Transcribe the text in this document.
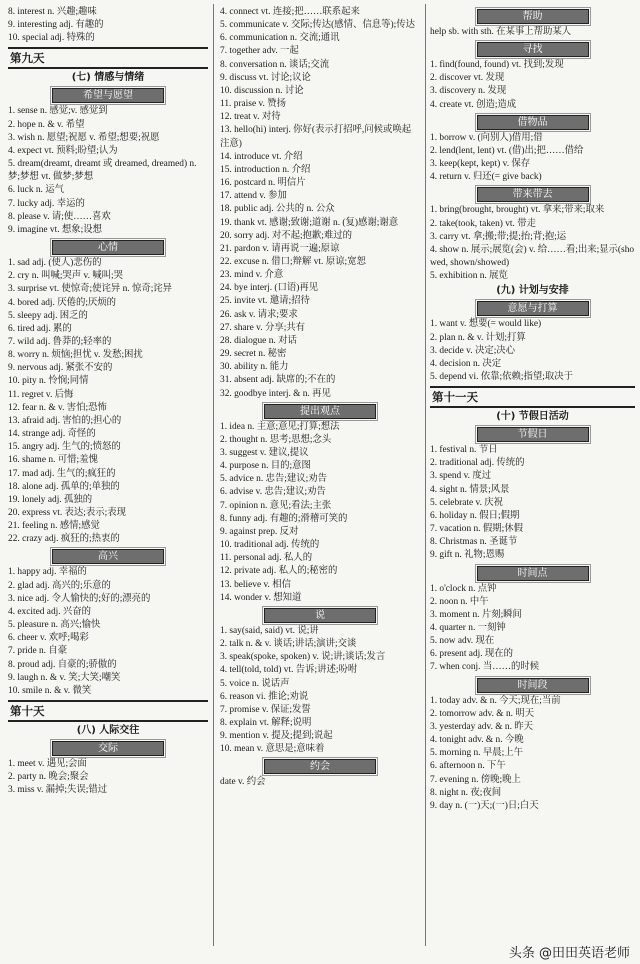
8. interest n. 兴趣;趣味
9. interesting adj. 有趣的
10. special adj. 特殊的
第九天
(七) 情感与情绪
希望与愿望
1. sense n. 感觉;v. 感觉到
2. hope n. & v. 希望
3. wish n. 愿望;祝愿 v. 希望;想要;祝愿
4. expect vt. 预料;盼望;认为
5. dream(dreamt, dreamt 或 dreamed, dreamed) n. 梦;梦想 vt. 做梦;梦想
6. luck n. 运气
7. lucky adj. 幸运的
8. please v. 请;使……喜欢
9. imagine vt. 想象;设想
心情
1. sad adj. (使人)悲伤的
2. cry n. 叫喊;哭声 v. 喊叫;哭
3. surprise vt. 使惊奇;使诧异 n. 惊奇;诧异
4. bored adj. 厌倦的;厌烦的
5. sleepy adj. 困乏的
6. tired adj. 累的
7. wild adj. 鲁莽的;轻率的
8. worry n. 烦恼;担忧 v. 发愁;困扰
9. nervous adj. 紧张不安的
10. pity n. 怜悯;同情
11. regret v. 后悔
12. fear n. & v. 害怕;恐怖
13. afraid adj. 害怕的;担心的
14. strange adj. 奇怪的
15. angry adj. 生气的;愤怒的
16. shame n. 可惜;羞愧
17. mad adj. 生气的;疯狂的
18. alone adj. 孤单的;单独的
19. lonely adj. 孤独的
20. express vt. 表达;表示;表现
21. feeling n. 感情;感觉
22. crazy adj. 疯狂的;热衷的
高兴
1. happy adj. 幸福的
2. glad adj. 高兴的;乐意的
3. nice adj. 令人愉快的;好的;漂亮的
4. excited adj. 兴奋的
5. pleasure n. 高兴;愉快
6. cheer v. 欢呼;喝彩
7. pride n. 自豪
8. proud adj. 自豪的;骄傲的
9. laugh n. & v. 笑;大笑;嘲笑
10. smile n. & v. 微笑
第十天
(八) 人际交往
交际
1. meet v. 遇见;会面
2. party n. 晚会;聚会
3. miss v. 漏掉;失误;错过
4. connect vt. 连接;把……联系起来
5. communicate v. 交际;传达(感情、信息等);传达
6. communication n. 交流;通讯
7. together adv. 一起
8. conversation n. 谈话;交流
9. discuss vt. 讨论;议论
10. discussion n. 讨论
11. praise v. 赞扬
12. treat v. 对待
13. hello(hi) interj. 你好(表示打招呼,问候或唤起注意)
14. introduce vt. 介绍
15. introduction n. 介绍
16. postcard n. 明信片
17. attend v. 参加
18. public adj. 公共的 n. 公众
19. thank vt. 感谢;致谢;道谢 n. (复)感谢;谢意
20. sorry adj. 对不起;抱歉;难过的
21. pardon v. 请再说一遍;原谅
22. excuse n. 借口;辩解 vt. 原谅;宽恕
23. mind v. 介意
24. bye interj. (口语)再见
25. invite vt. 邀请;招待
26. ask v. 请求;要求
27. share v. 分享;共有
28. dialogue n. 对话
29. secret n. 秘密
30. ability n. 能力
31. absent adj. 缺席的;不在的
32. goodbye interj. & n. 再见
提出观点
1. idea n. 主意;意见;打算;想法
2. thought n. 思考;思想;念头
3. suggest v. 建议,提议
4. purpose n. 目的;意图
5. advice n. 忠告;建议;劝告
6. advise v. 忠告;建议;劝告
7. opinion n. 意见;看法;主张
8. funny adj. 有趣的;滑稽可笑的
9. against prep. 反对
10. traditional adj. 传统的
11. personal adj. 私人的
12. private adj. 私人的;秘密的
13. believe v. 相信
14. wonder v. 想知道
说
1. say(said, said) vt. 说;讲
2. talk n. & v. 谈话;讲话;演讲;交谈
3. speak(spoke, spoken) v. 说;讲;谈话;发言
4. tell(told, told) vt. 告诉;讲述;吩咐
5. voice n. 说话声
6. reason vi. 推论;劝说
7. promise v. 保证;发誓
8. explain vt. 解释;说明
9. mention v. 提及;提到;说起
10. mean v. 意思是;意味着
约会
date v. 约会
帮助
help sb. with sth. 在某事上帮助某人
寻找
1. find(found, found) vt. 找到;发现
2. discover vt. 发现
3. discovery n. 发现
4. create vt. 创造;造成
借物品
1. borrow v. (向别人)借用;借
2. lend(lent, lent) vt. (借)出;把……借给
3. keep(kept, kept) v. 保存
4. return v. 归还(= give back)
带来带去
1. bring(brought, brought) vt. 拿来;带来;取来
2. take(took, taken) vt. 带走
3. carry vt. 拿;搬;带;提;抬;背;抱;运
4. show n. 展示;展览(会) v. 给……看;出来;显示(showed, shown/showed)
5. exhibition n. 展览
(九) 计划与安排
意愿与打算
1. want v. 想要(= would like)
2. plan n. & v. 计划;打算
3. decide v. 决定;决心
4. decision n. 决定
5. depend vi. 依靠;依赖;指望;取决于
第十一天
(十) 节假日活动
节假日
1. festival n. 节日
2. traditional adj. 传统的
3. spend v. 度过
4. sight n. 情景;风景
5. celebrate v. 庆祝
6. holiday n. 假日;假期
7. vacation n. 假期;休假
8. Christmas n. 圣诞节
9. gift n. 礼物;恩赐
时间点
1. o'clock n. 点钟
2. noon n. 中午
3. moment n. 片刻;瞬间
4. quarter n. 一刻钟
5. now adv. 现在
6. present adj. 现在的
7. when conj. 当……的时候
时间段
1. today adv. & n. 今天;现在;当前
2. tomorrow adv. & n. 明天
3. yesterday adv. & n. 昨天
4. tonight adv. & n. 今晚
5. morning n. 早晨;上午
6. afternoon n. 下午
7. evening n. 傍晚;晚上
8. night n. 夜;夜间
9. day n. (一)天;(一)日;白天
头条 @田田英语老师
